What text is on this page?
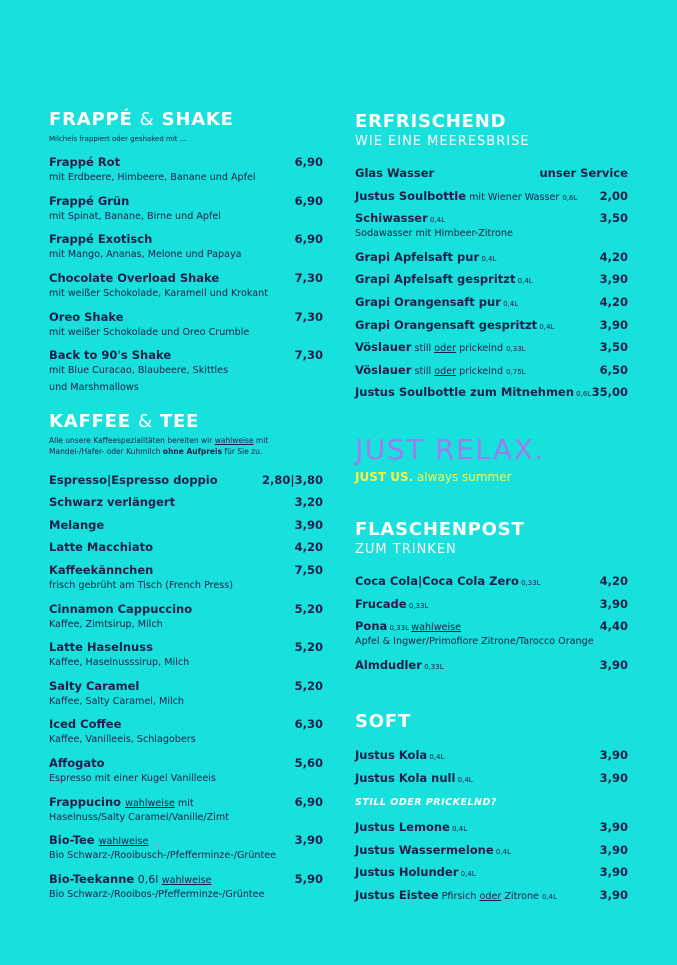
FRAPPÉ & SHAKE
Milcheis frappiert oder geshaked mit ...
Frappé Rot	6,90
mit Erdbeere, Himbeere, Banane und Apfel
Frappé Grün	6,90
mit Spinat, Banane, Birne und Apfel
Frappé Exotisch	6,90
mit Mango, Ananas, Melone und Papaya
Chocolate Overload Shake	7,30
mit weißer Schokolade, Karamell und Krokant
Oreo Shake	7,30
mit weißer Schokolade und Oreo Crumble
Back to 90's Shake	7,30
mit Blue Curacao, Blaubeere, Skittles
und Marshmallows
KAFFEE & TEE
Alle unsere Kaffeespezialitäten bereiten wir wahlweise mit
Mandel-/Hafer- oder Kuhmilch ohne Aufpreis für Sie zu.
Espresso|Espresso doppio	2,80|3,80
Schwarz verlängert	3,20
Melange	3,90
Latte Macchiato	4,20
Kaffeekännchen	7,50
frisch gebrüht am Tisch (French Press)
Cinnamon Cappuccino	5,20
Kaffee, Zimtsirup, Milch
Latte Haselnuss	5,20
Kaffee, Haselnusssirup, Milch
Salty Caramel	5,20
Kaffee, Salty Caramel, Milch
Iced Coffee	6,30
Kaffee, Vanilleeis, Schlagobers
Affogato	5,60
Espresso mit einer Kugel Vanilleeis
Frappucino wahlweise mit	6,90
Haselnuss/Salty Caramel/Vanille/Zimt
Bio-Tee wahlweise	3,90
Bio Schwarz-/Rooibusch-/Pfefferminze-/Grüntee
Bio-Teekanne 0,6l wahlweise	5,90
Bio Schwarz-/Rooibos-/Pfefferminze-/Grüntee
ERFRISCHEND
WIE EINE MEERESBRISE
Glas Wasser	unser Service
Justus Soulbottle mit Wiener Wasser 0,6L 2,00
Schiwasser 0,4L	3,50
Sodawasser mit Himbeer-Zitrone
Grapi Apfelsaft pur 0,4L	4,20
Grapi Apfelsaft gespritzt 0,4L	3,90
Grapi Orangensaft pur 0,4L	4,20
Grapi Orangensaft gespritzt 0,4L	3,90
Vöslauer still oder prickelnd 0,33L	3,50
Vöslauer still oder prickelnd 0,75L	6,50
Justus Soulbottle zum Mitnehmen 0,6L 35,00
JUST RELAX.
JUST US. always summer
FLASCHENPOST
ZUM TRINKEN
Coca Cola|Coca Cola Zero 0,33L	4,20
Frucade 0,33L	3,90
Pona 0,33L wahlweise	4,40
Apfel & Ingwer/Primofiore Zitrone/Tarocco Orange
Almdudler 0,33L	3,90
SOFT
Justus Kola 0,4L	3,90
Justus Kola null 0,4L	3,90
STILL ODER PRICKELND?
Justus Lemone 0,4L	3,90
Justus Wassermelone 0,4L	3,90
Justus Holunder 0,4L	3,90
Justus Eistee Pfirsich oder Zitrone 0,4L	3,90
